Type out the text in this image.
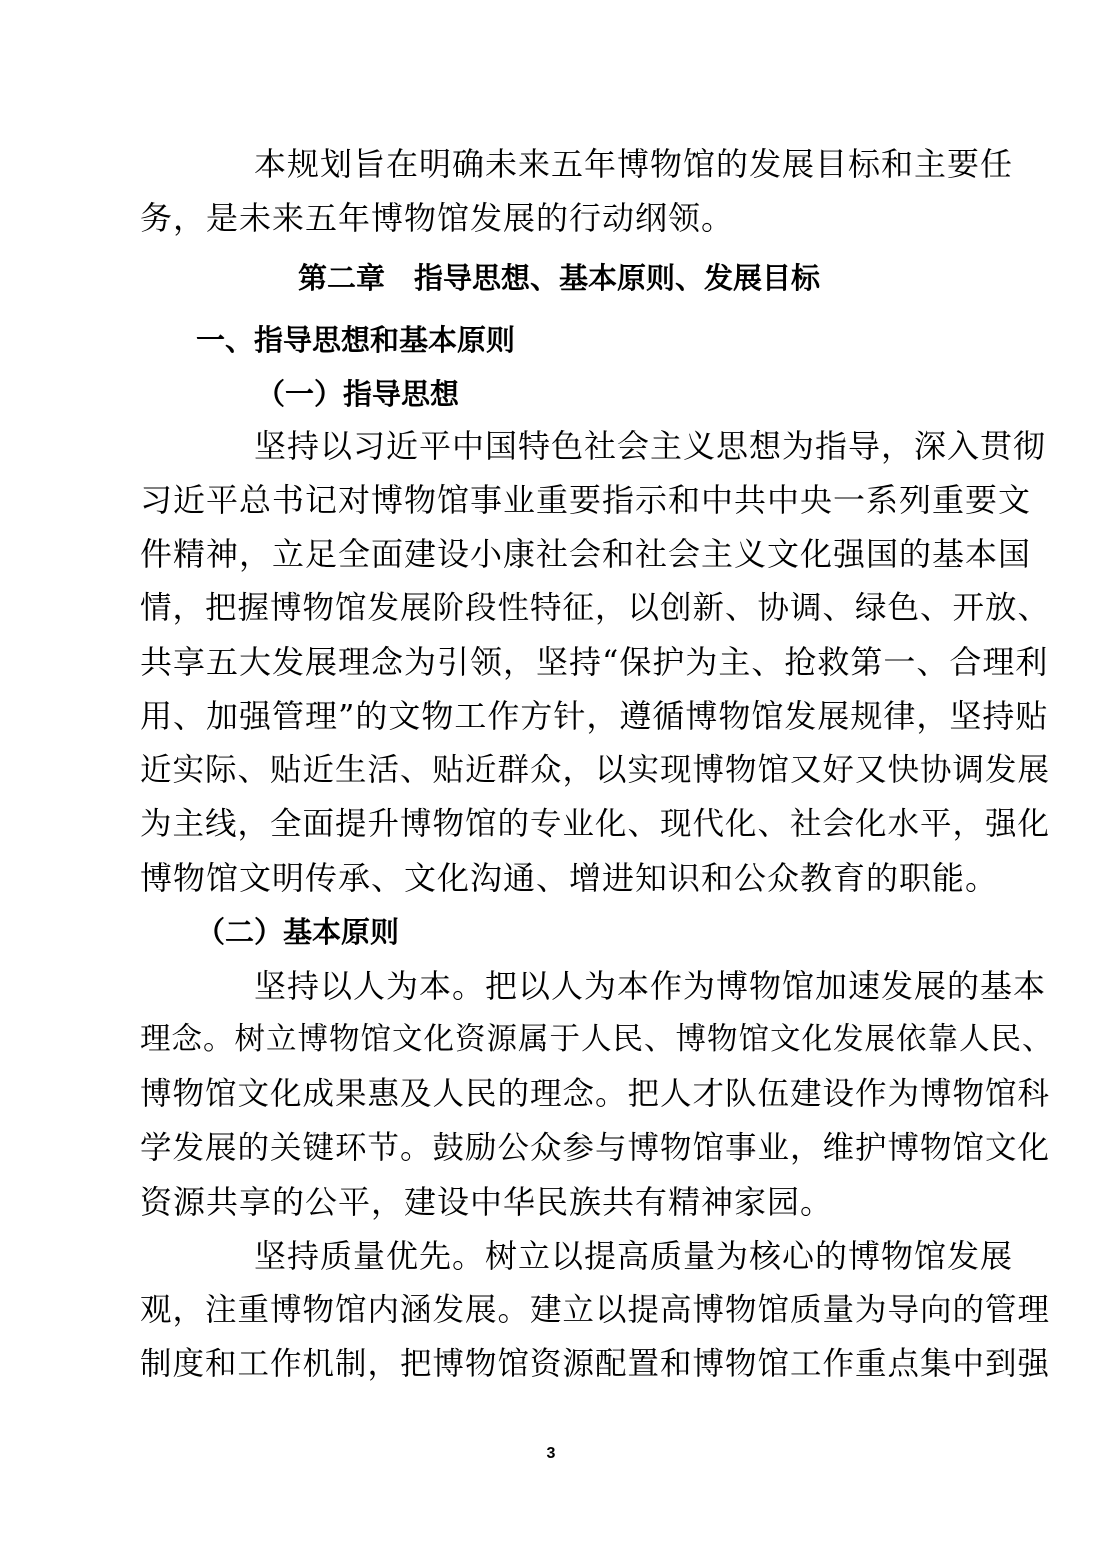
本规划旨在明确未来五年博物馆的发展目标和主要任
务，是未来五年博物馆发展的行动纲领。
第二章　指导思想、基本原则、发展目标
一、指导思想和基本原则
（一）指导思想
坚持以习近平中国特色社会主义思想为指导，深入贯彻
习近平总书记对博物馆事业重要指示和中共中央一系列重要文
件精神，立足全面建设小康社会和社会主义文化强国的基本国
情，把握博物馆发展阶段性特征，以创新、协调、绿色、开放、
共享五大发展理念为引领，坚持“保护为主、抢救第一、合理利
用、加强管理”的文物工作方针，遵循博物馆发展规律，坚持贴
近实际、贴近生活、贴近群众，以实现博物馆又好又快协调发展
为主线，全面提升博物馆的专业化、现代化、社会化水平，强化
博物馆文明传承、文化沟通、增进知识和公众教育的职能。
（二）基本原则
坚持以人为本。把以人为本作为博物馆加速发展的基本
理念。树立博物馆文化资源属于人民、博物馆文化发展依靠人民、
博物馆文化成果惠及人民的理念。把人才队伍建设作为博物馆科
学发展的关键环节。鼓励公众参与博物馆事业，维护博物馆文化
资源共享的公平，建设中华民族共有精神家园。
坚持质量优先。树立以提高质量为核心的博物馆发展
观，注重博物馆内涵发展。建立以提高博物馆质量为导向的管理
制度和工作机制，把博物馆资源配置和博物馆工作重点集中到强
3
